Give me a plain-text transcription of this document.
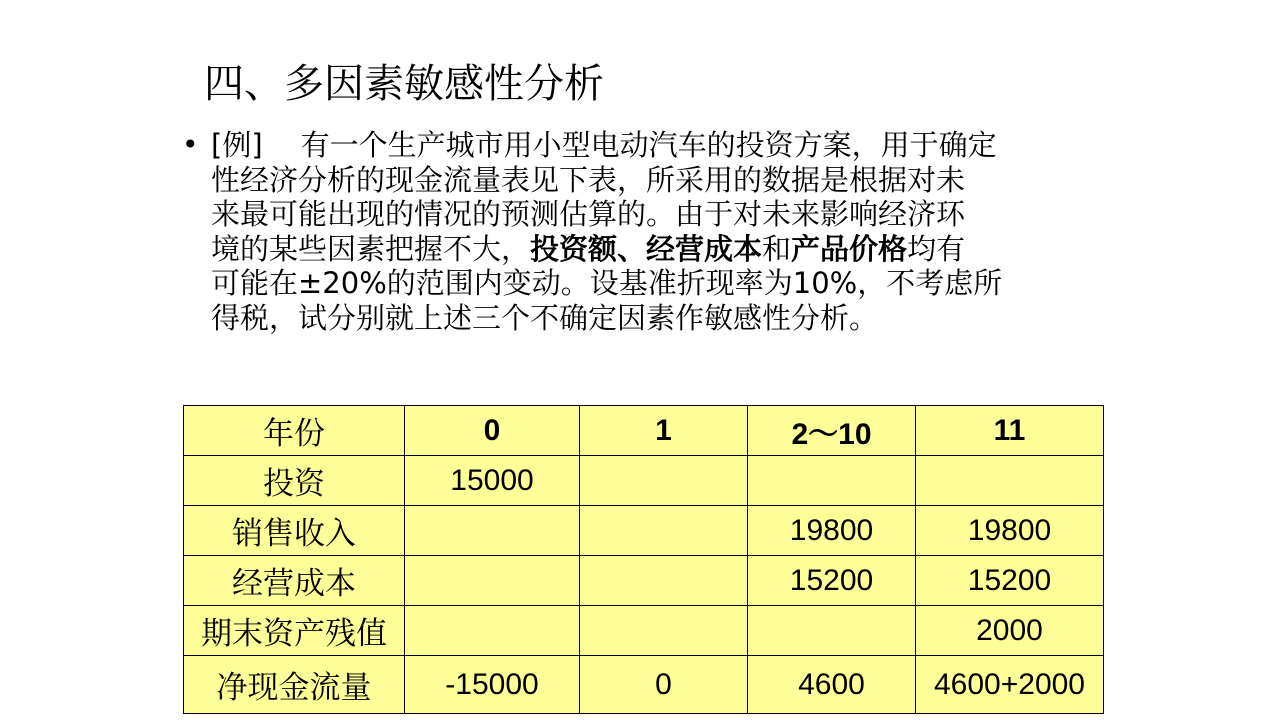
四、多因素敏感性分析
• [例] 有一个生产城市用小型电动汽车的投资方案，用于确定
性经济分析的现金流量表见下表，所采用的数据是根据对未
来最可能出现的情况的预测估算的。由于对未来影响经济环
境的某些因素把握不大，投资额、经营成本和产品价格均有
可能在±20%的范围内变动。设基准折现率为10%，不考虑所
得税，试分别就上述三个不确定因素作敏感性分析。
年份	0	1	2～10	11
投资	15000			
销售收入			19800	19800
经营成本			15200	15200
期末资产残值				2000
净现金流量	-15000	0	4600	4600+2000
